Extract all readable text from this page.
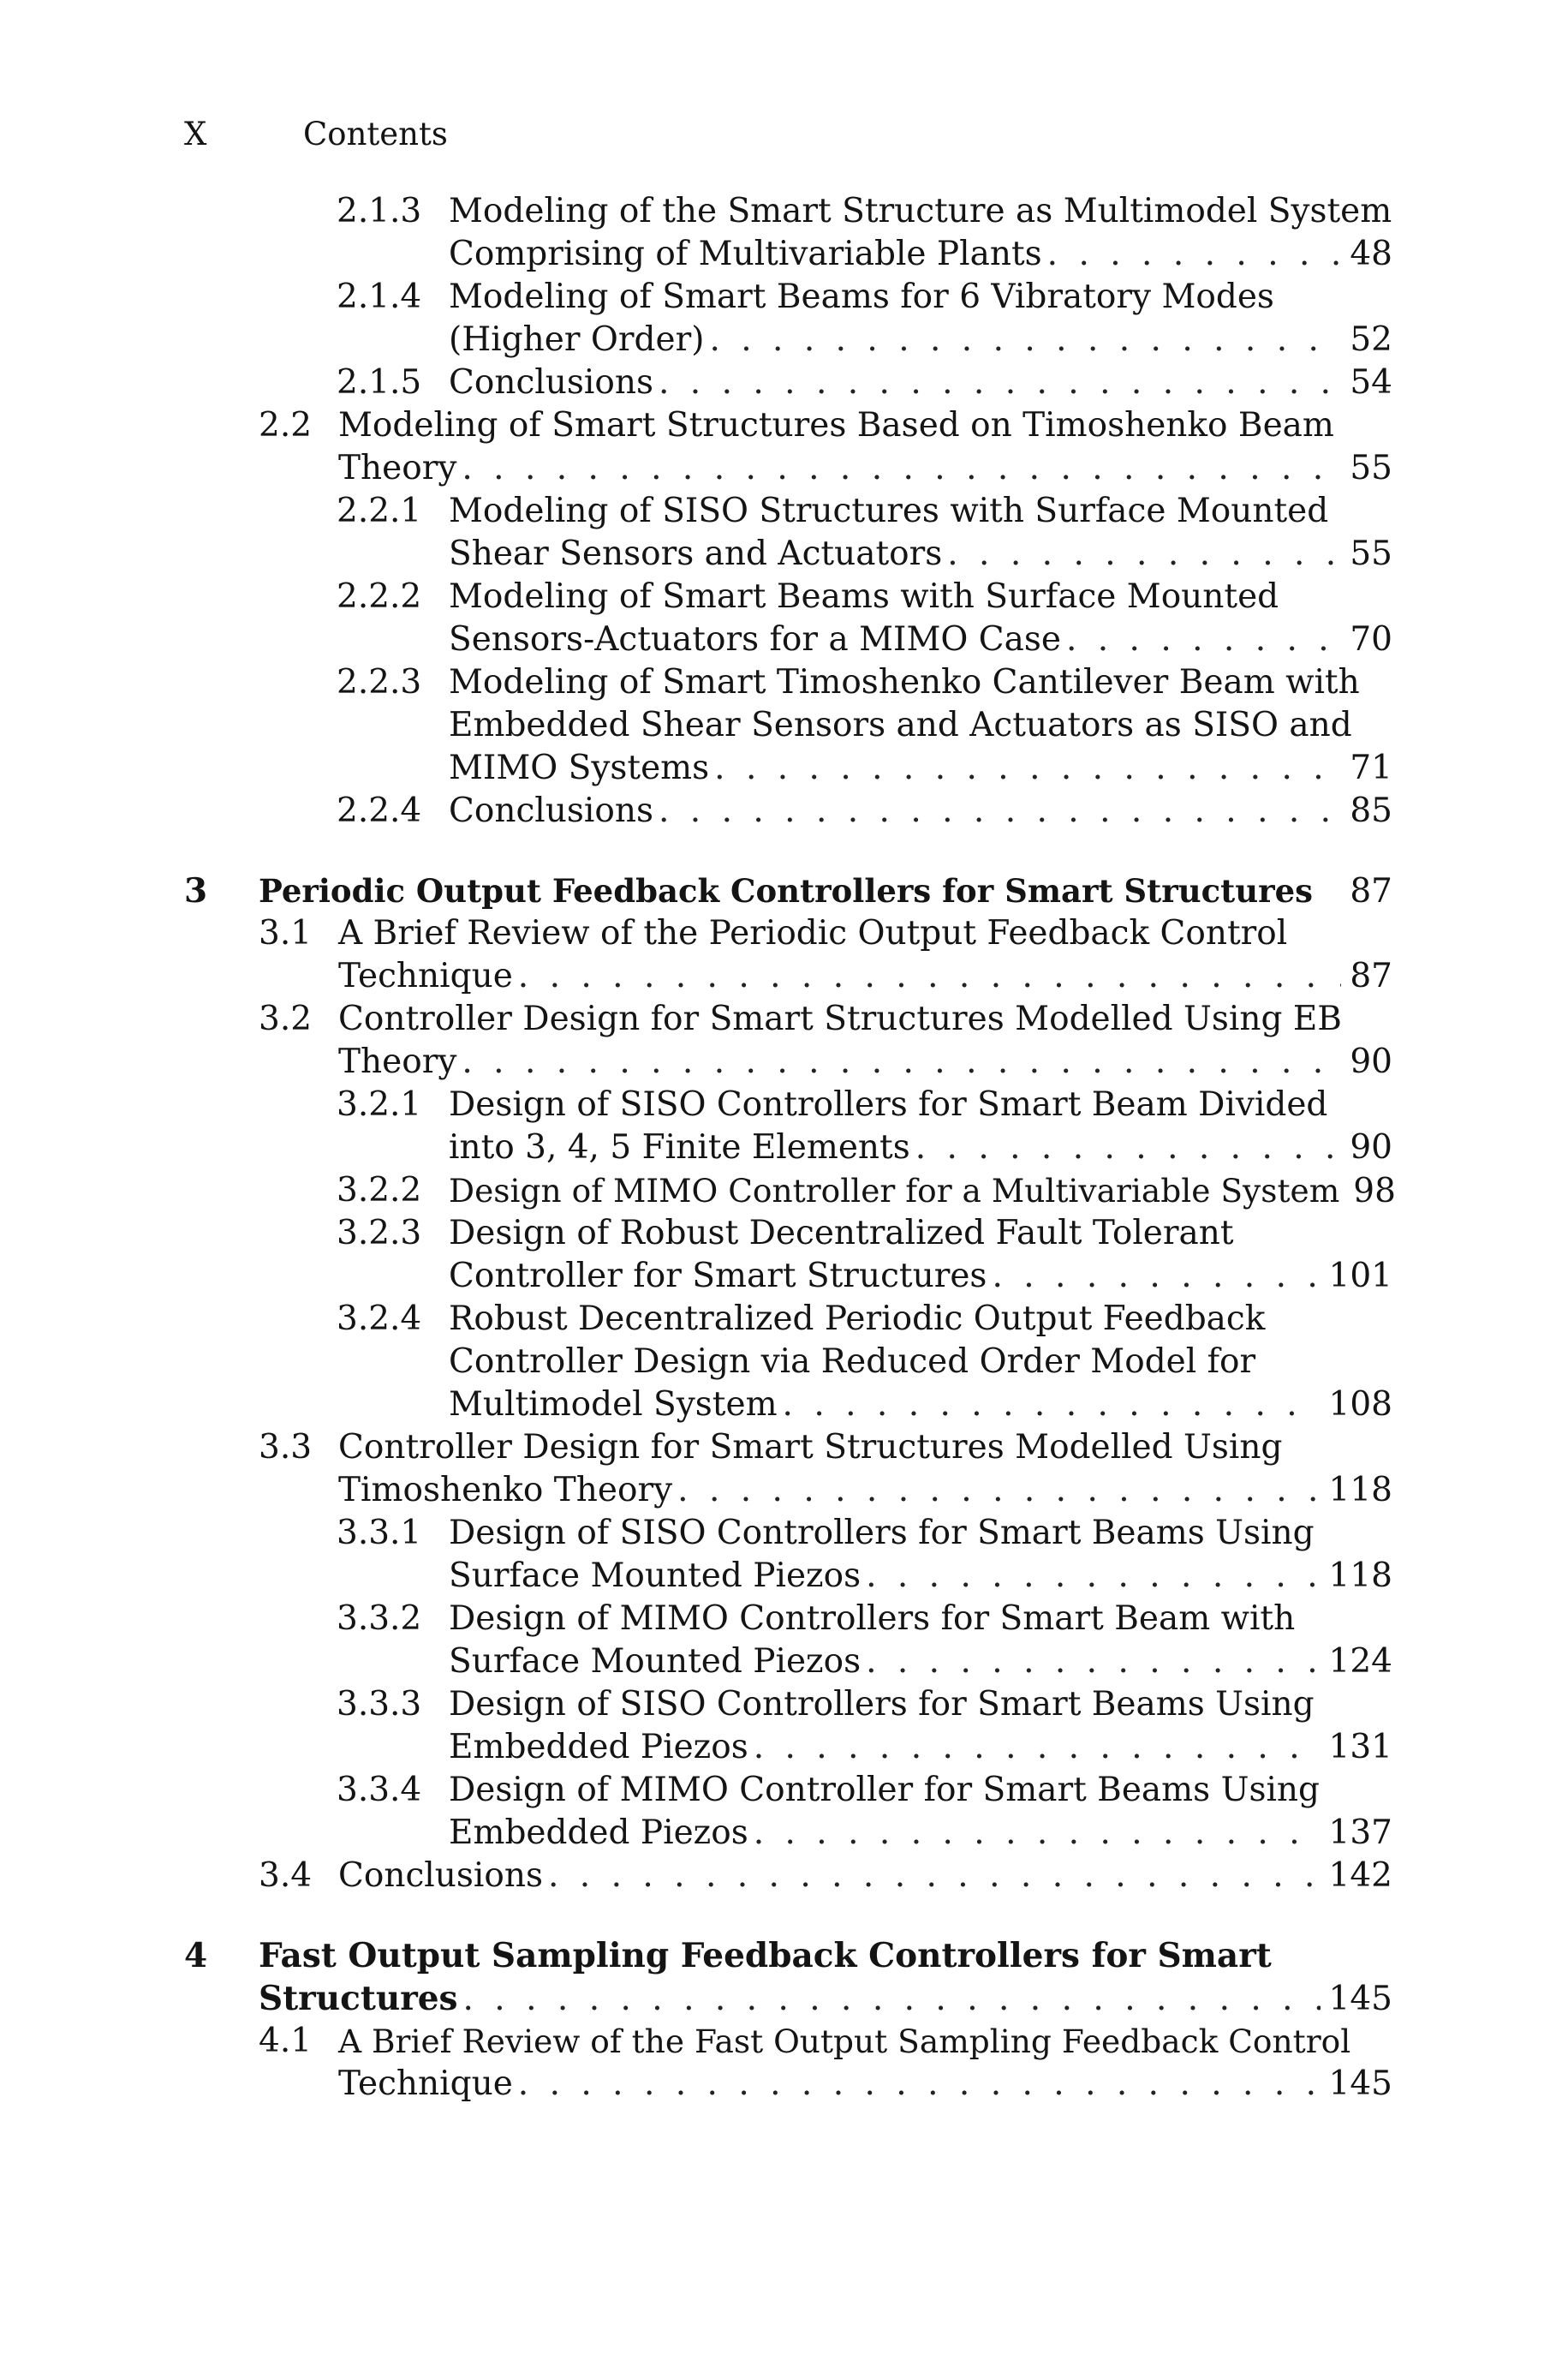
X	Contents
2.1.3 Modeling of the Smart Structure as Multimodel System
Comprising of Multivariable Plants . . .	48
2.1.4 Modeling of Smart Beams for 6 Vibratory Modes
(Higher Order) . . .	52
2.1.5 Conclusions . . .	54
2.2 Modeling of Smart Structures Based on Timoshenko Beam
Theory . . .	55
2.2.1 Modeling of SISO Structures with Surface Mounted
Shear Sensors and Actuators . . .	55
2.2.2 Modeling of Smart Beams with Surface Mounted
Sensors-Actuators for a MIMO Case . . .	70
2.2.3 Modeling of Smart Timoshenko Cantilever Beam with
Embedded Shear Sensors and Actuators as SISO and
MIMO Systems . . .	71
2.2.4 Conclusions . . .	85
3 Periodic Output Feedback Controllers for Smart Structures 87
3.1 A Brief Review of the Periodic Output Feedback Control
Technique . . .	87
3.2 Controller Design for Smart Structures Modelled Using EB
Theory . . .	90
3.2.1 Design of SISO Controllers for Smart Beam Divided
into 3, 4, 5 Finite Elements . . .	90
3.2.2 Design of MIMO Controller for a Multivariable System 98
3.2.3 Design of Robust Decentralized Fault Tolerant
Controller for Smart Structures . . .	101
3.2.4 Robust Decentralized Periodic Output Feedback
Controller Design via Reduced Order Model for
Multimodel System . . .	108
3.3 Controller Design for Smart Structures Modelled Using
Timoshenko Theory . . .	118
3.3.1 Design of SISO Controllers for Smart Beams Using
Surface Mounted Piezos . . .	118
3.3.2 Design of MIMO Controllers for Smart Beam with
Surface Mounted Piezos . . .	124
3.3.3 Design of SISO Controllers for Smart Beams Using
Embedded Piezos . . .	131
3.3.4 Design of MIMO Controller for Smart Beams Using
Embedded Piezos . . .	137
3.4 Conclusions . . .	142
4 Fast Output Sampling Feedback Controllers for Smart
Structures . . .	145
4.1 A Brief Review of the Fast Output Sampling Feedback Control
Technique . . .	145
